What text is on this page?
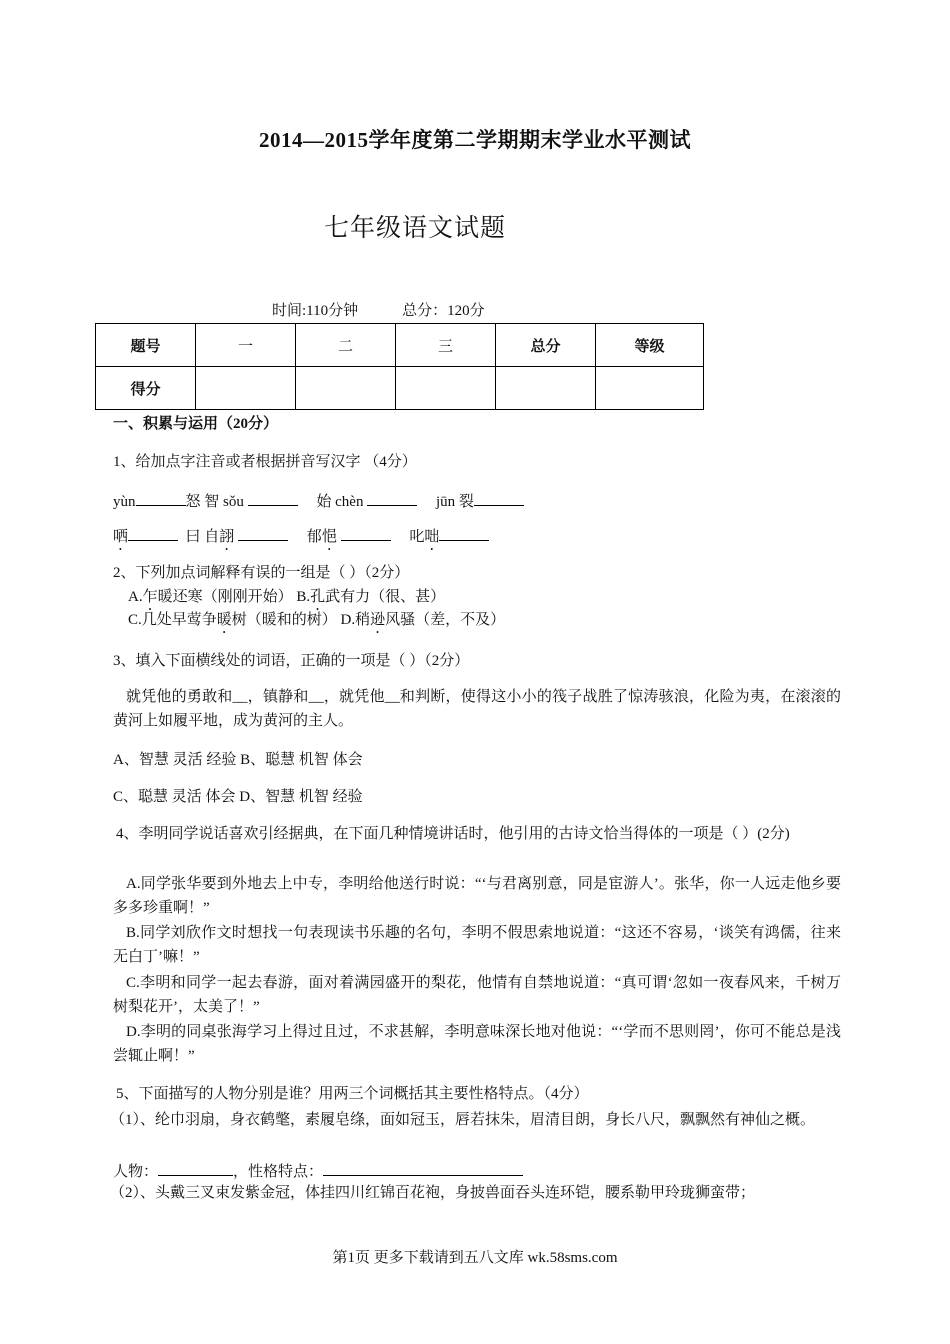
2014—2015学年度第二学期期末学业水平测试
七年级语文试题
时间:110分钟	总分：120分
题号	一	二	三	总分	等级
得分					
一、积累与运用（20分）
1、给加点字注音或者根据拼音写汉字 （4分）
yùn	怒 智 sǒu	始 chèn	jūn 裂
哂	曰 自詡	郁悒	叱咄
2、下列加点词解释有误的一组是（ ）（2分）
A.乍暖还寒（刚刚开始） B.孔武有力（很、甚）
C.几处早莺争暖树（暖和的树） D.稍逊风骚（差，不及）
3、填入下面横线处的词语，正确的一项是（ ）（2分）
就凭他的勇敢和__，镇静和__，就凭他__和判断，使得这小小的筏子战胜了惊涛骇浪，化险为夷，在滚滚的黄河上如履平地，成为黄河的主人。
A、智慧 灵活 经验 B、聪慧 机智 体会
C、聪慧 灵活 体会 D、智慧 机智 经验
4、李明同学说话喜欢引经据典，在下面几种情境讲话时，他引用的古诗文恰当得体的一项是（ ）(2分)
A.同学张华要到外地去上中专，李明给他送行时说：“‘与君离别意，同是宦游人’。张华，你一人远走他乡要多多珍重啊！”
B.同学刘欣作文时想找一句表现读书乐趣的名句，李明不假思索地说道：“这还不容易，‘谈笑有鸿儒，往来无白丁’嘛！”
C.李明和同学一起去春游，面对着满园盛开的梨花，他情有自禁地说道：“真可谓‘忽如一夜春风来，千树万树梨花开’，太美了！”
D.李明的同桌张海学习上得过且过，不求甚解，李明意味深长地对他说：“‘学而不思则罔’，你可不能总是浅尝辄止啊！”
5、下面描写的人物分别是谁？用两三个词概括其主要性格特点。（4分）
（1）、纶巾羽扇，身衣鹤氅，素履皂绦，面如冠玉，唇若抹朱，眉清目朗，身长八尺，飘飘然有神仙之概。
人物：	，性格特点：
（2）、头戴三叉束发紫金冠，体挂四川红锦百花袍，身披兽面吞头连环铠，腰系勒甲玲珑狮蛮带；
第1页 更多下载请到五八文库 wk.58sms.com
